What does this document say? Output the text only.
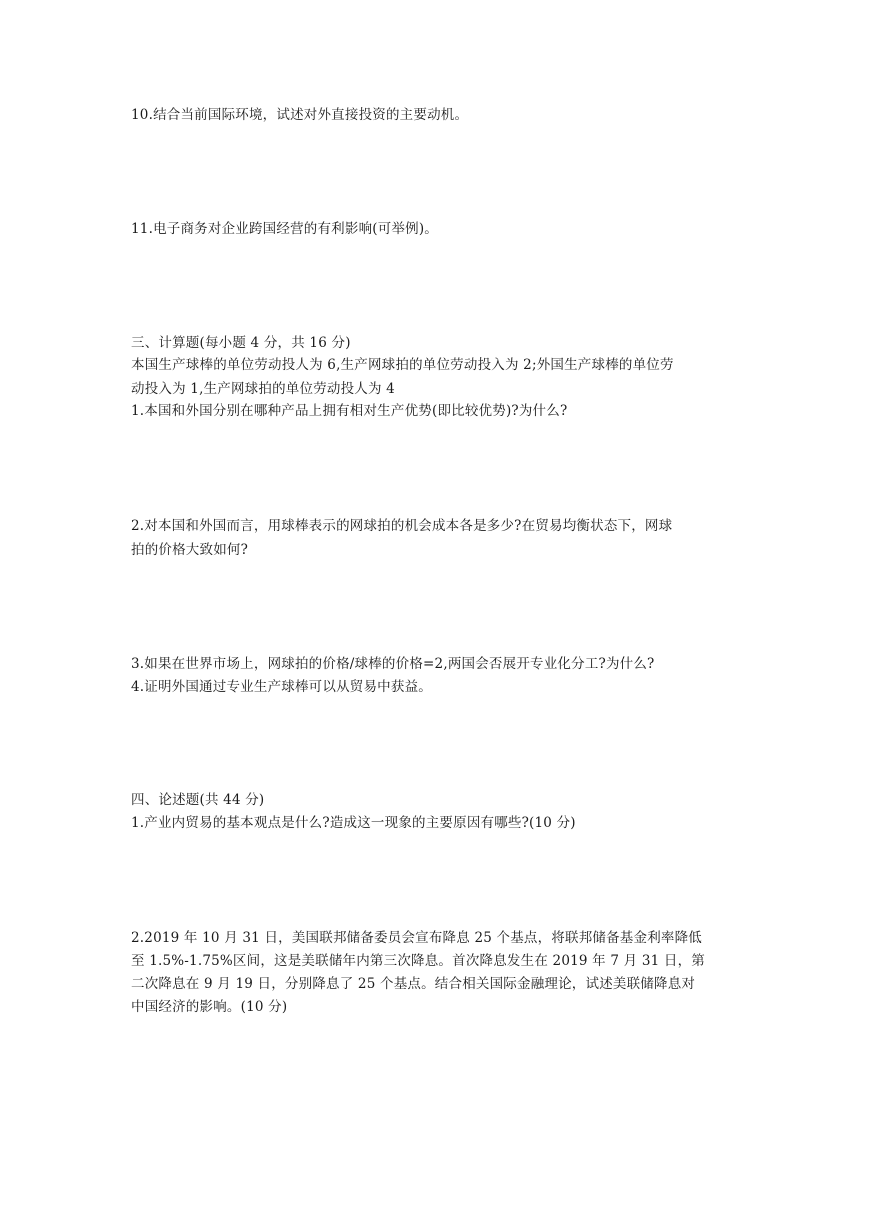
10.结合当前国际环境，试述对外直接投资的主要动机。
11.电子商务对企业跨国经营的有利影响(可举例)。
三、计算题(每小题 4 分，共 16 分)
本国生产球棒的单位劳动投人为 6,生产网球拍的单位劳动投入为 2;外国生产球棒的单位劳
动投入为 1,生产网球拍的单位劳动投人为 4
1.本国和外国分别在哪种产品上拥有相对生产优势(即比较优势)?为什么?
2.对本国和外国而言，用球棒表示的网球拍的机会成本各是多少?在贸易均衡状态下，网球
拍的价格大致如何?
3.如果在世界市场上，网球拍的价格/球棒的价格=2,两国会否展开专业化分工?为什么?
4.证明外国通过专业生产球棒可以从贸易中获益。
四、论述题(共 44 分)
1.产业内贸易的基本观点是什么?造成这一现象的主要原因有哪些?(10 分)
2.2019 年 10 月 31 日，美国联邦储备委员会宣布降息 25 个基点，将联邦储备基金利率降低
至 1.5%-1.75%区间，这是美联储年内第三次降息。首次降息发生在 2019 年 7 月 31 日，第
二次降息在 9 月 19 日，分别降息了 25 个基点。结合相关国际金融理论，试述美联储降息对
中国经济的影响。(10 分)
